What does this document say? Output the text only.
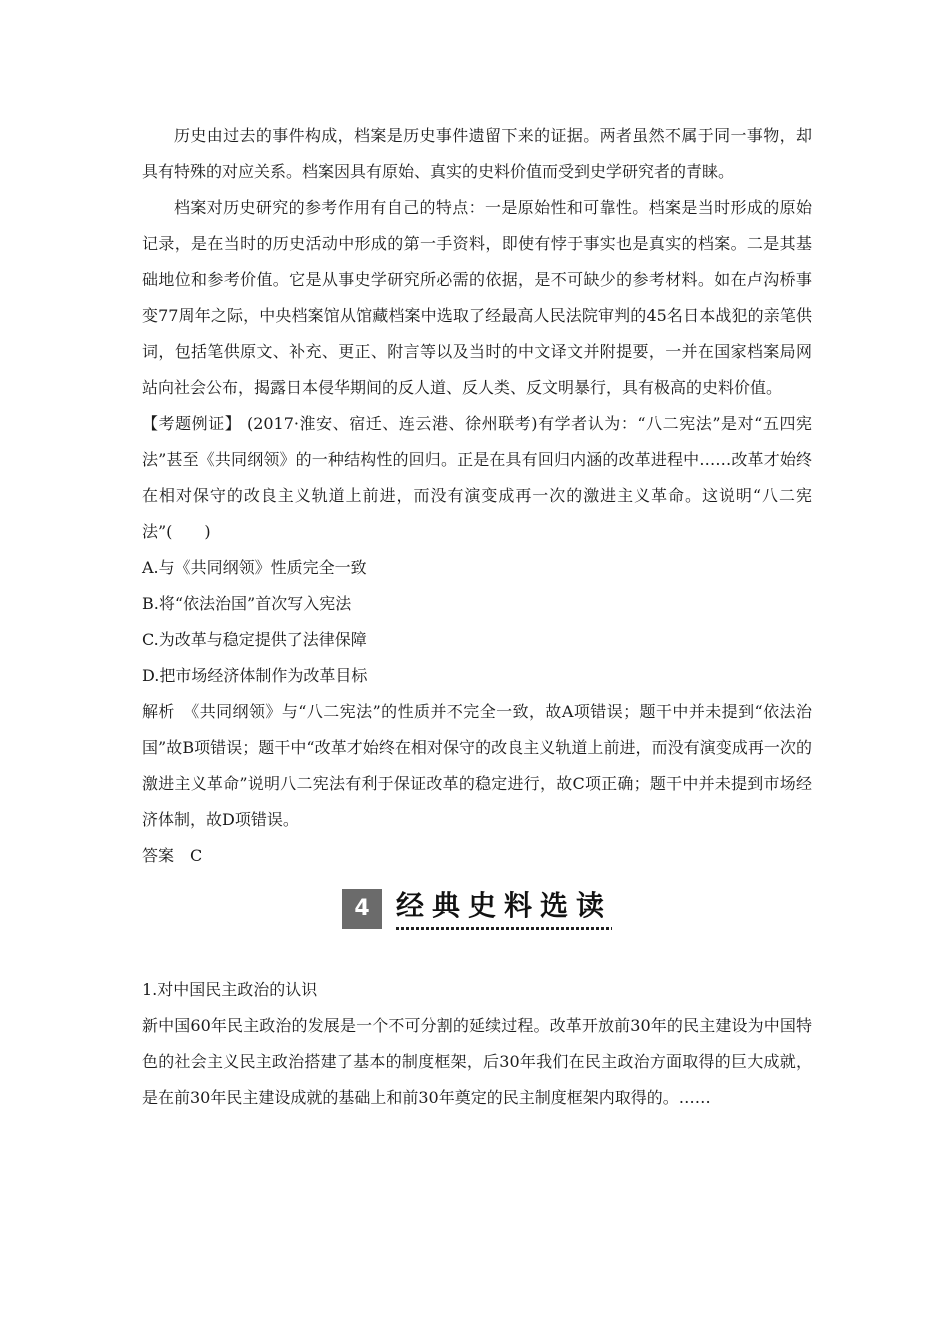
历史由过去的事件构成，档案是历史事件遗留下来的证据。两者虽然不属于同一事物，却具有特殊的对应关系。档案因具有原始、真实的史料价值而受到史学研究者的青睐。

档案对历史研究的参考作用有自己的特点：一是原始性和可靠性。档案是当时形成的原始记录，是在当时的历史活动中形成的第一手资料，即使有悖于事实也是真实的档案。二是其基础地位和参考价值。它是从事史学研究所必需的依据，是不可缺少的参考材料。如在卢沟桥事变77周年之际，中央档案馆从馆藏档案中选取了经最高人民法院审判的45名日本战犯的亲笔供词，包括笔供原文、补充、更正、附言等以及当时的中文译文并附提要，一并在国家档案局网站向社会公布，揭露日本侵华期间的反人道、反人类、反文明暴行，具有极高的史料价值。

【考题例证】 (2017·淮安、宿迁、连云港、徐州联考)有学者认为：“八二宪法”是对“五四宪法”甚至《共同纲领》的一种结构性的回归。正是在具有回归内涵的改革进程中……改革才始终在相对保守的改良主义轨道上前进，而没有演变成再一次的激进主义革命。这说明“八二宪法”(　　)

A.与《共同纲领》性质完全一致

B.将“依法治国”首次写入宪法

C.为改革与稳定提供了法律保障

D.把市场经济体制作为改革目标

解析　《共同纲领》与“八二宪法”的性质并不完全一致，故A项错误；题干中并未提到“依法治国”故B项错误；题干中“改革才始终在相对保守的改良主义轨道上前进，而没有演变成再一次的激进主义革命”说明八二宪法有利于保证改革的稳定进行，故C项正确；题干中并未提到市场经济体制，故D项错误。

答案　C

4 经典史料选读

1.对中国民主政治的认识

新中国60年民主政治的发展是一个不可分割的延续过程。改革开放前30年的民主建设为中国特色的社会主义民主政治搭建了基本的制度框架，后30年我们在民主政治方面取得的巨大成就，是在前30年民主建设成就的基础上和前30年奠定的民主制度框架内取得的。……
